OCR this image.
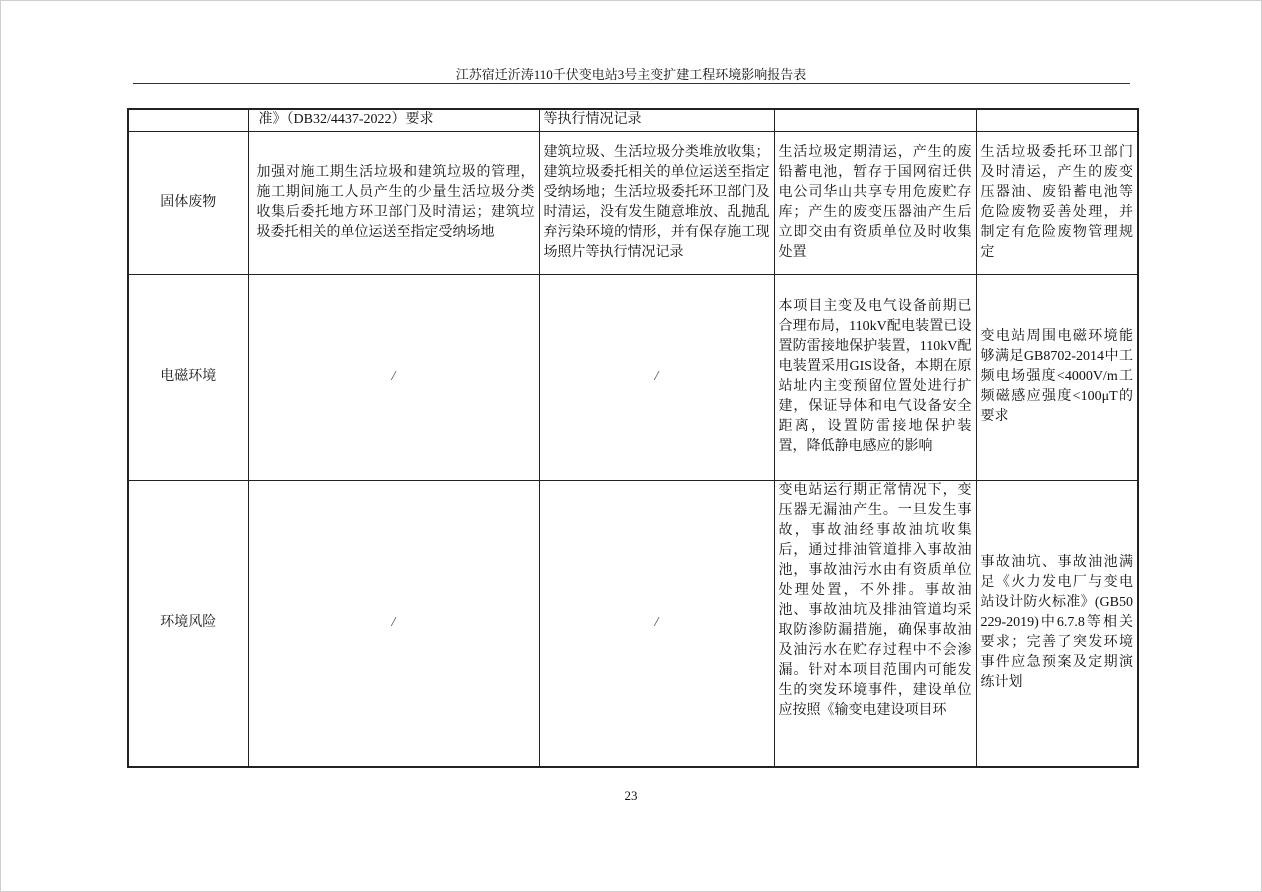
江苏宿迁沂涛110千伏变电站3号主变扩建工程环境影响报告表
	准》（DB32/4437-2022）要求	等执行情况记录		
固体废物	加强对施工期生活垃圾和建筑垃圾的管理，施工期间施工人员产生的少量生活垃圾分类收集后委托地方环卫部门及时清运；建筑垃圾委托相关的单位运送至指定受纳场地	建筑垃圾、生活垃圾分类堆放收集；建筑垃圾委托相关的单位运送至指定受纳场地；生活垃圾委托环卫部门及时清运，没有发生随意堆放、乱抛乱弃污染环境的情形，并有保存施工现场照片等执行情况记录	生活垃圾定期清运，产生的废铅蓄电池，暂存于国网宿迁供电公司华山共享专用危废贮存库；产生的废变压器油产生后立即交由有资质单位及时收集处置	生活垃圾委托环卫部门及时清运，产生的废变压器油、废铅蓄电池等危险废物妥善处理，并制定有危险废物管理规定
电磁环境	/	/	本项目主变及电气设备前期已合理布局，110kV配电装置已设置防雷接地保护装置，110kV配电装置采用GIS设备，本期在原站址内主变预留位置处进行扩建，保证导体和电气设备安全距离，设置防雷接地保护装置，降低静电感应的影响	变电站周围电磁环境能够满足GB8702-2014中工频电场强度<4000V/m工频磁感应强度<100μT的要求
环境风险	/	/	变电站运行期正常情况下，变压器无漏油产生。一旦发生事故，事故油经事故油坑收集后，通过排油管道排入事故油池，事故油污水由有资质单位处理处置，不外排。事故油池、事故油坑及排油管道均采取防渗防漏措施，确保事故油及油污水在贮存过程中不会渗漏。针对本项目范围内可能发生的突发环境事件，建设单位应按照《输变电建设项目环	事故油坑、事故油池满足《火力发电厂与变电站设计防火标准》(GB50229-2019)中6.7.8等相关要求；完善了突发环境事件应急预案及定期演练计划
23
